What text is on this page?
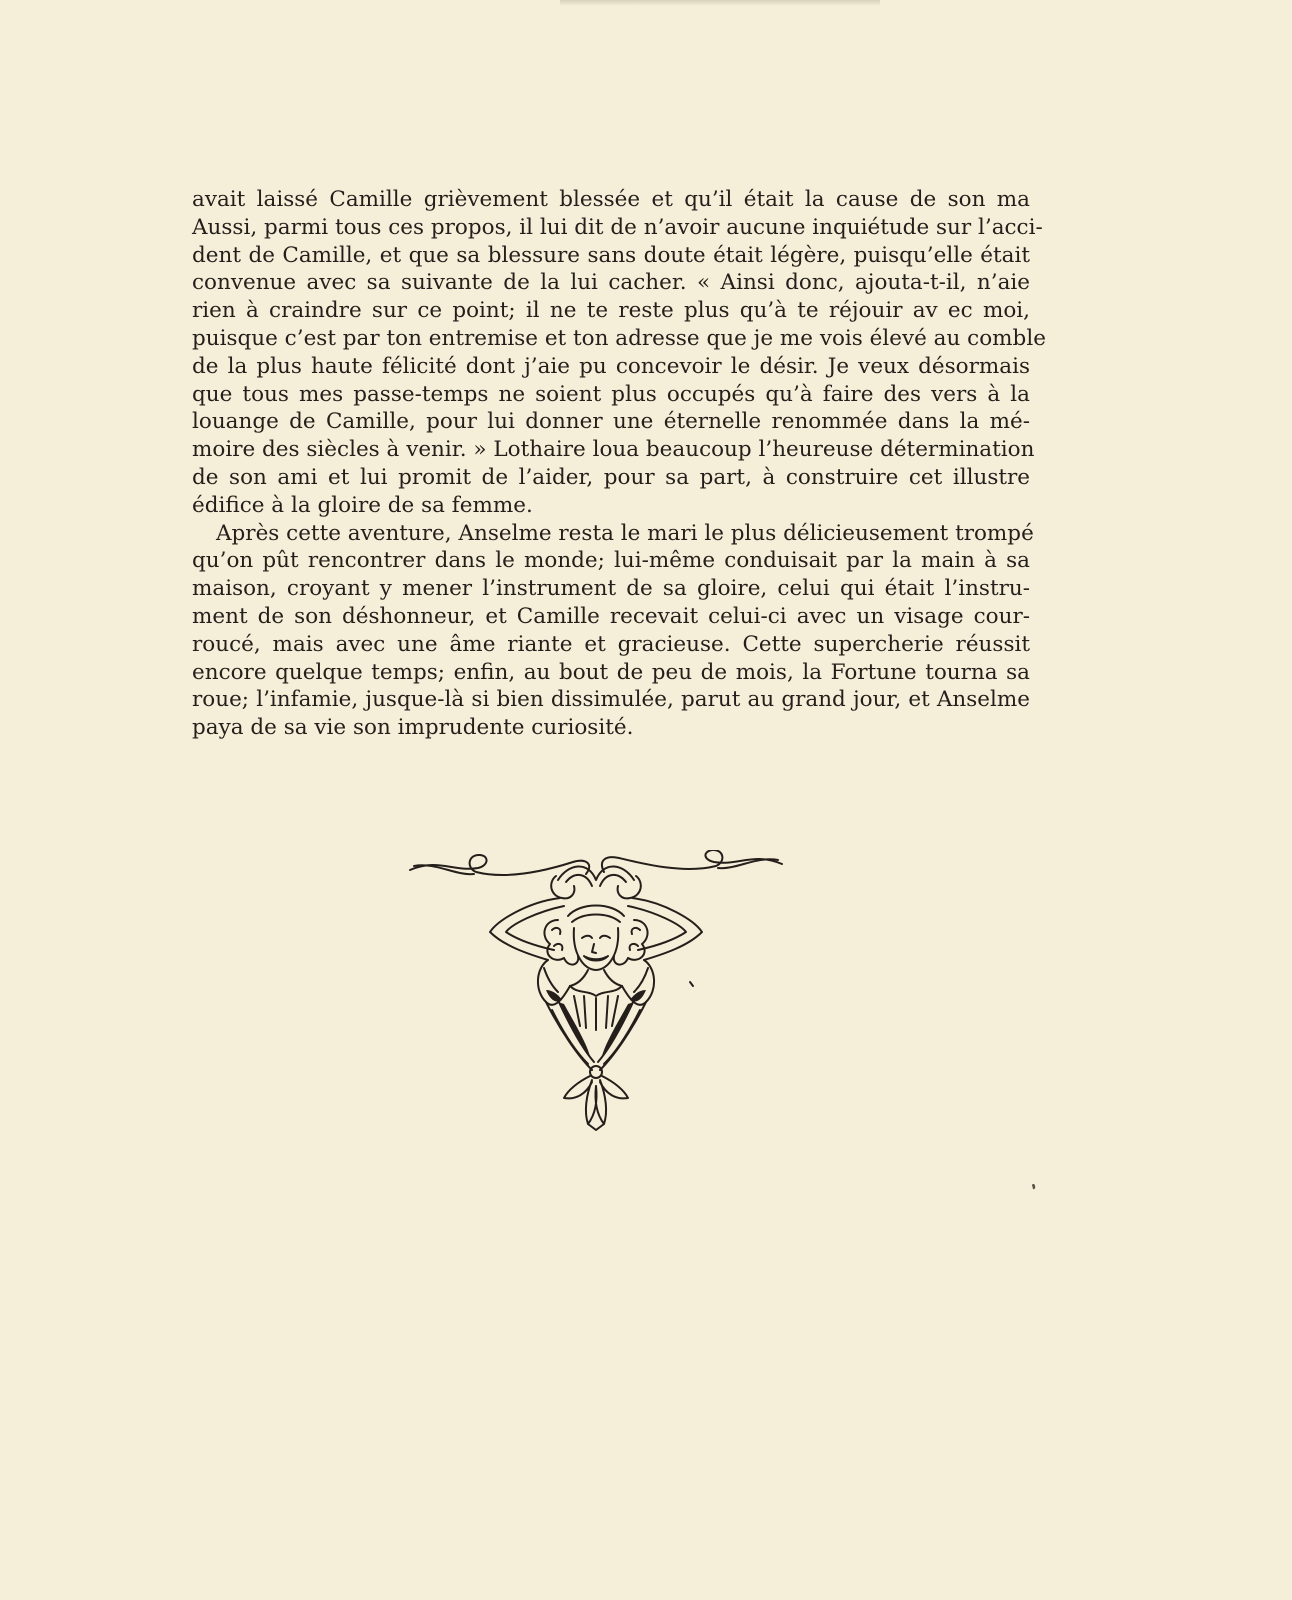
avait laissé Camille grièvement blessée et qu’il était la cause de son ma
Aussi, parmi tous ces propos, il lui dit de n’avoir aucune inquiétude sur l’acci-
dent de Camille, et que sa blessure sans doute était légère, puisqu’elle était
convenue avec sa suivante de la lui cacher. « Ainsi donc, ajouta-t-il, n’aie
rien à craindre sur ce point; il ne te reste plus qu’à te réjouir av ec moi,
puisque c’est par ton entremise et ton adresse que je me vois élevé au comble
de la plus haute félicité dont j’aie pu concevoir le désir. Je veux désormais
que tous mes passe-temps ne soient plus occupés qu’à faire des vers à la
louange de Camille, pour lui donner une éternelle renommée dans la mé-
moire des siècles à venir. » Lothaire loua beaucoup l’heureuse détermination
de son ami et lui promit de l’aider, pour sa part, à construire cet illustre
édifice à la gloire de sa femme.
Après cette aventure, Anselme resta le mari le plus délicieusement trompé
qu’on pût rencontrer dans le monde; lui-même conduisait par la main à sa
maison, croyant y mener l’instrument de sa gloire, celui qui était l’instru-
ment de son déshonneur, et Camille recevait celui-ci avec un visage cour-
roucé, mais avec une âme riante et gracieuse. Cette supercherie réussit
encore quelque temps; enfin, au bout de peu de mois, la Fortune tourna sa
roue; l’infamie, jusque-là si bien dissimulée, parut au grand jour, et Anselme
paya de sa vie son imprudente curiosité.
